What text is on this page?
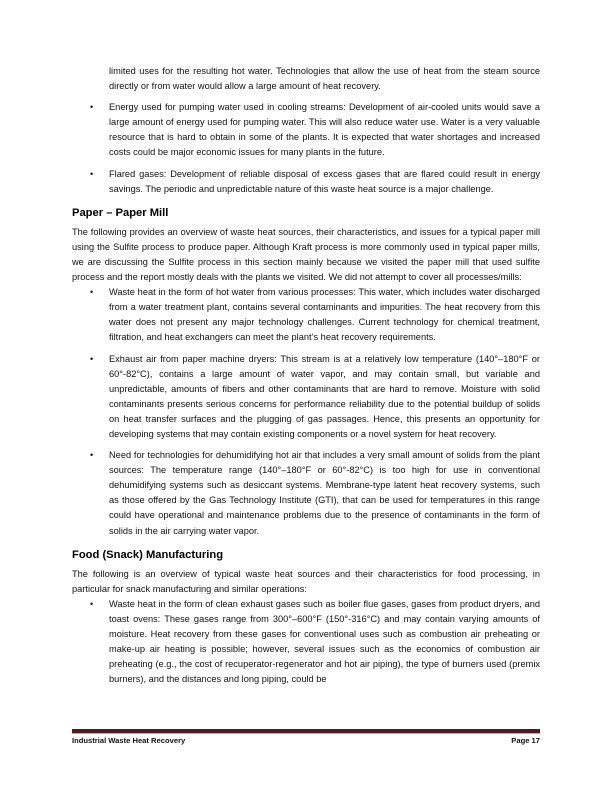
limited uses for the resulting hot water. Technologies that allow the use of heat from the steam source directly or from water would allow a large amount of heat recovery.

• Energy used for pumping water used in cooling streams: Development of air-cooled units would save a large amount of energy used for pumping water. This will also reduce water use. Water is a very valuable resource that is hard to obtain in some of the plants. It is expected that water shortages and increased costs could be major economic issues for many plants in the future.
• Flared gases: Development of reliable disposal of excess gases that are flared could result in energy savings. The periodic and unpredictable nature of this waste heat source is a major challenge.
Paper – Paper Mill

The following provides an overview of waste heat sources, their characteristics, and issues for a typical paper mill using the Sulfite process to produce paper. Although Kraft process is more commonly used in typical paper mills, we are discussing the Sulfite process in this section mainly because we visited the paper mill that used sulfite process and the report mostly deals with the plants we visited. We did not attempt to cover all processes/mills:

• Waste heat in the form of hot water from various processes: This water, which includes water discharged from a water treatment plant, contains several contaminants and impurities. The heat recovery from this water does not present any major technology challenges. Current technology for chemical treatment, filtration, and heat exchangers can meet the plant’s heat recovery requirements.
• Exhaust air from paper machine dryers: This stream is at a relatively low temperature (140°–180°F or 60°-82°C), contains a large amount of water vapor, and may contain small, but variable and unpredictable, amounts of fibers and other contaminants that are hard to remove. Moisture with solid contaminants presents serious concerns for performance reliability due to the potential buildup of solids on heat transfer surfaces and the plugging of gas passages. Hence, this presents an opportunity for developing systems that may contain existing components or a novel system for heat recovery.
• Need for technologies for dehumidifying hot air that includes a very small amount of solids from the plant sources: The temperature range (140°–180°F or 60°-82°C) is too high for use in conventional dehumidifying systems such as desiccant systems. Membrane-type latent heat recovery systems, such as those offered by the Gas Technology Institute (GTI), that can be used for temperatures in this range could have operational and maintenance problems due to the presence of contaminants in the form of solids in the air carrying water vapor.
Food (Snack) Manufacturing

The following is an overview of typical waste heat sources and their characteristics for food processing, in particular for snack manufacturing and similar operations:

• Waste heat in the form of clean exhaust gases such as boiler flue gases, gases from product dryers, and toast ovens: These gases range from 300°–600°F (150°-316°C) and may contain varying amounts of moisture. Heat recovery from these gases for conventional uses such as combustion air preheating or make-up air heating is possible; however, several issues such as the economics of combustion air preheating (e.g., the cost of recuperator-regenerator and hot air piping), the type of burners used (premix burners), and the distances and long piping, could be
Industrial Waste Heat Recovery	Page 17
